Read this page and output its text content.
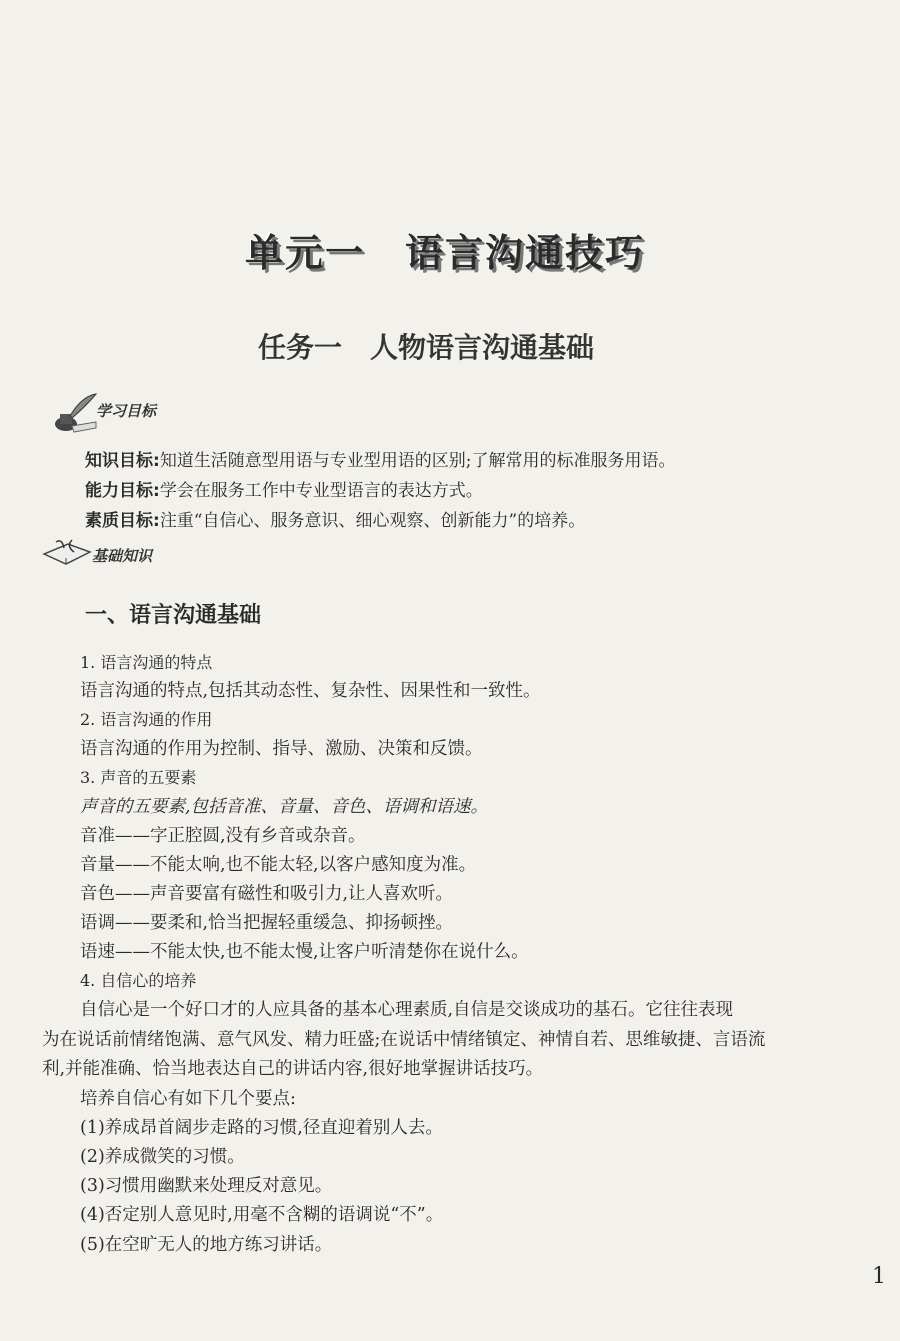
单元一　语言沟通技巧
任务一　人物语言沟通基础
学习目标
知识目标:知道生活随意型用语与专业型用语的区别;了解常用的标准服务用语。
能力目标:学会在服务工作中专业型语言的表达方式。
素质目标:注重“自信心、服务意识、细心观察、创新能力”的培养。
基础知识
一、语言沟通基础
1. 语言沟通的特点
语言沟通的特点,包括其动态性、复杂性、因果性和一致性。
2. 语言沟通的作用
语言沟通的作用为控制、指导、激励、决策和反馈。
3. 声音的五要素
声音的五要素,包括音准、音量、音色、语调和语速。
音准——字正腔圆,没有乡音或杂音。
音量——不能太响,也不能太轻,以客户感知度为准。
音色——声音要富有磁性和吸引力,让人喜欢听。
语调——要柔和,恰当把握轻重缓急、抑扬顿挫。
语速——不能太快,也不能太慢,让客户听清楚你在说什么。
4. 自信心的培养
自信心是一个好口才的人应具备的基本心理素质,自信是交谈成功的基石。它往往表现
为在说话前情绪饱满、意气风发、精力旺盛;在说话中情绪镇定、神情自若、思维敏捷、言语流
利,并能准确、恰当地表达自己的讲话内容,很好地掌握讲话技巧。
培养自信心有如下几个要点:
(1)养成昂首阔步走路的习惯,径直迎着别人去。
(2)养成微笑的习惯。
(3)习惯用幽默来处理反对意见。
(4)否定别人意见时,用毫不含糊的语调说“不”。
(5)在空旷无人的地方练习讲话。
1
